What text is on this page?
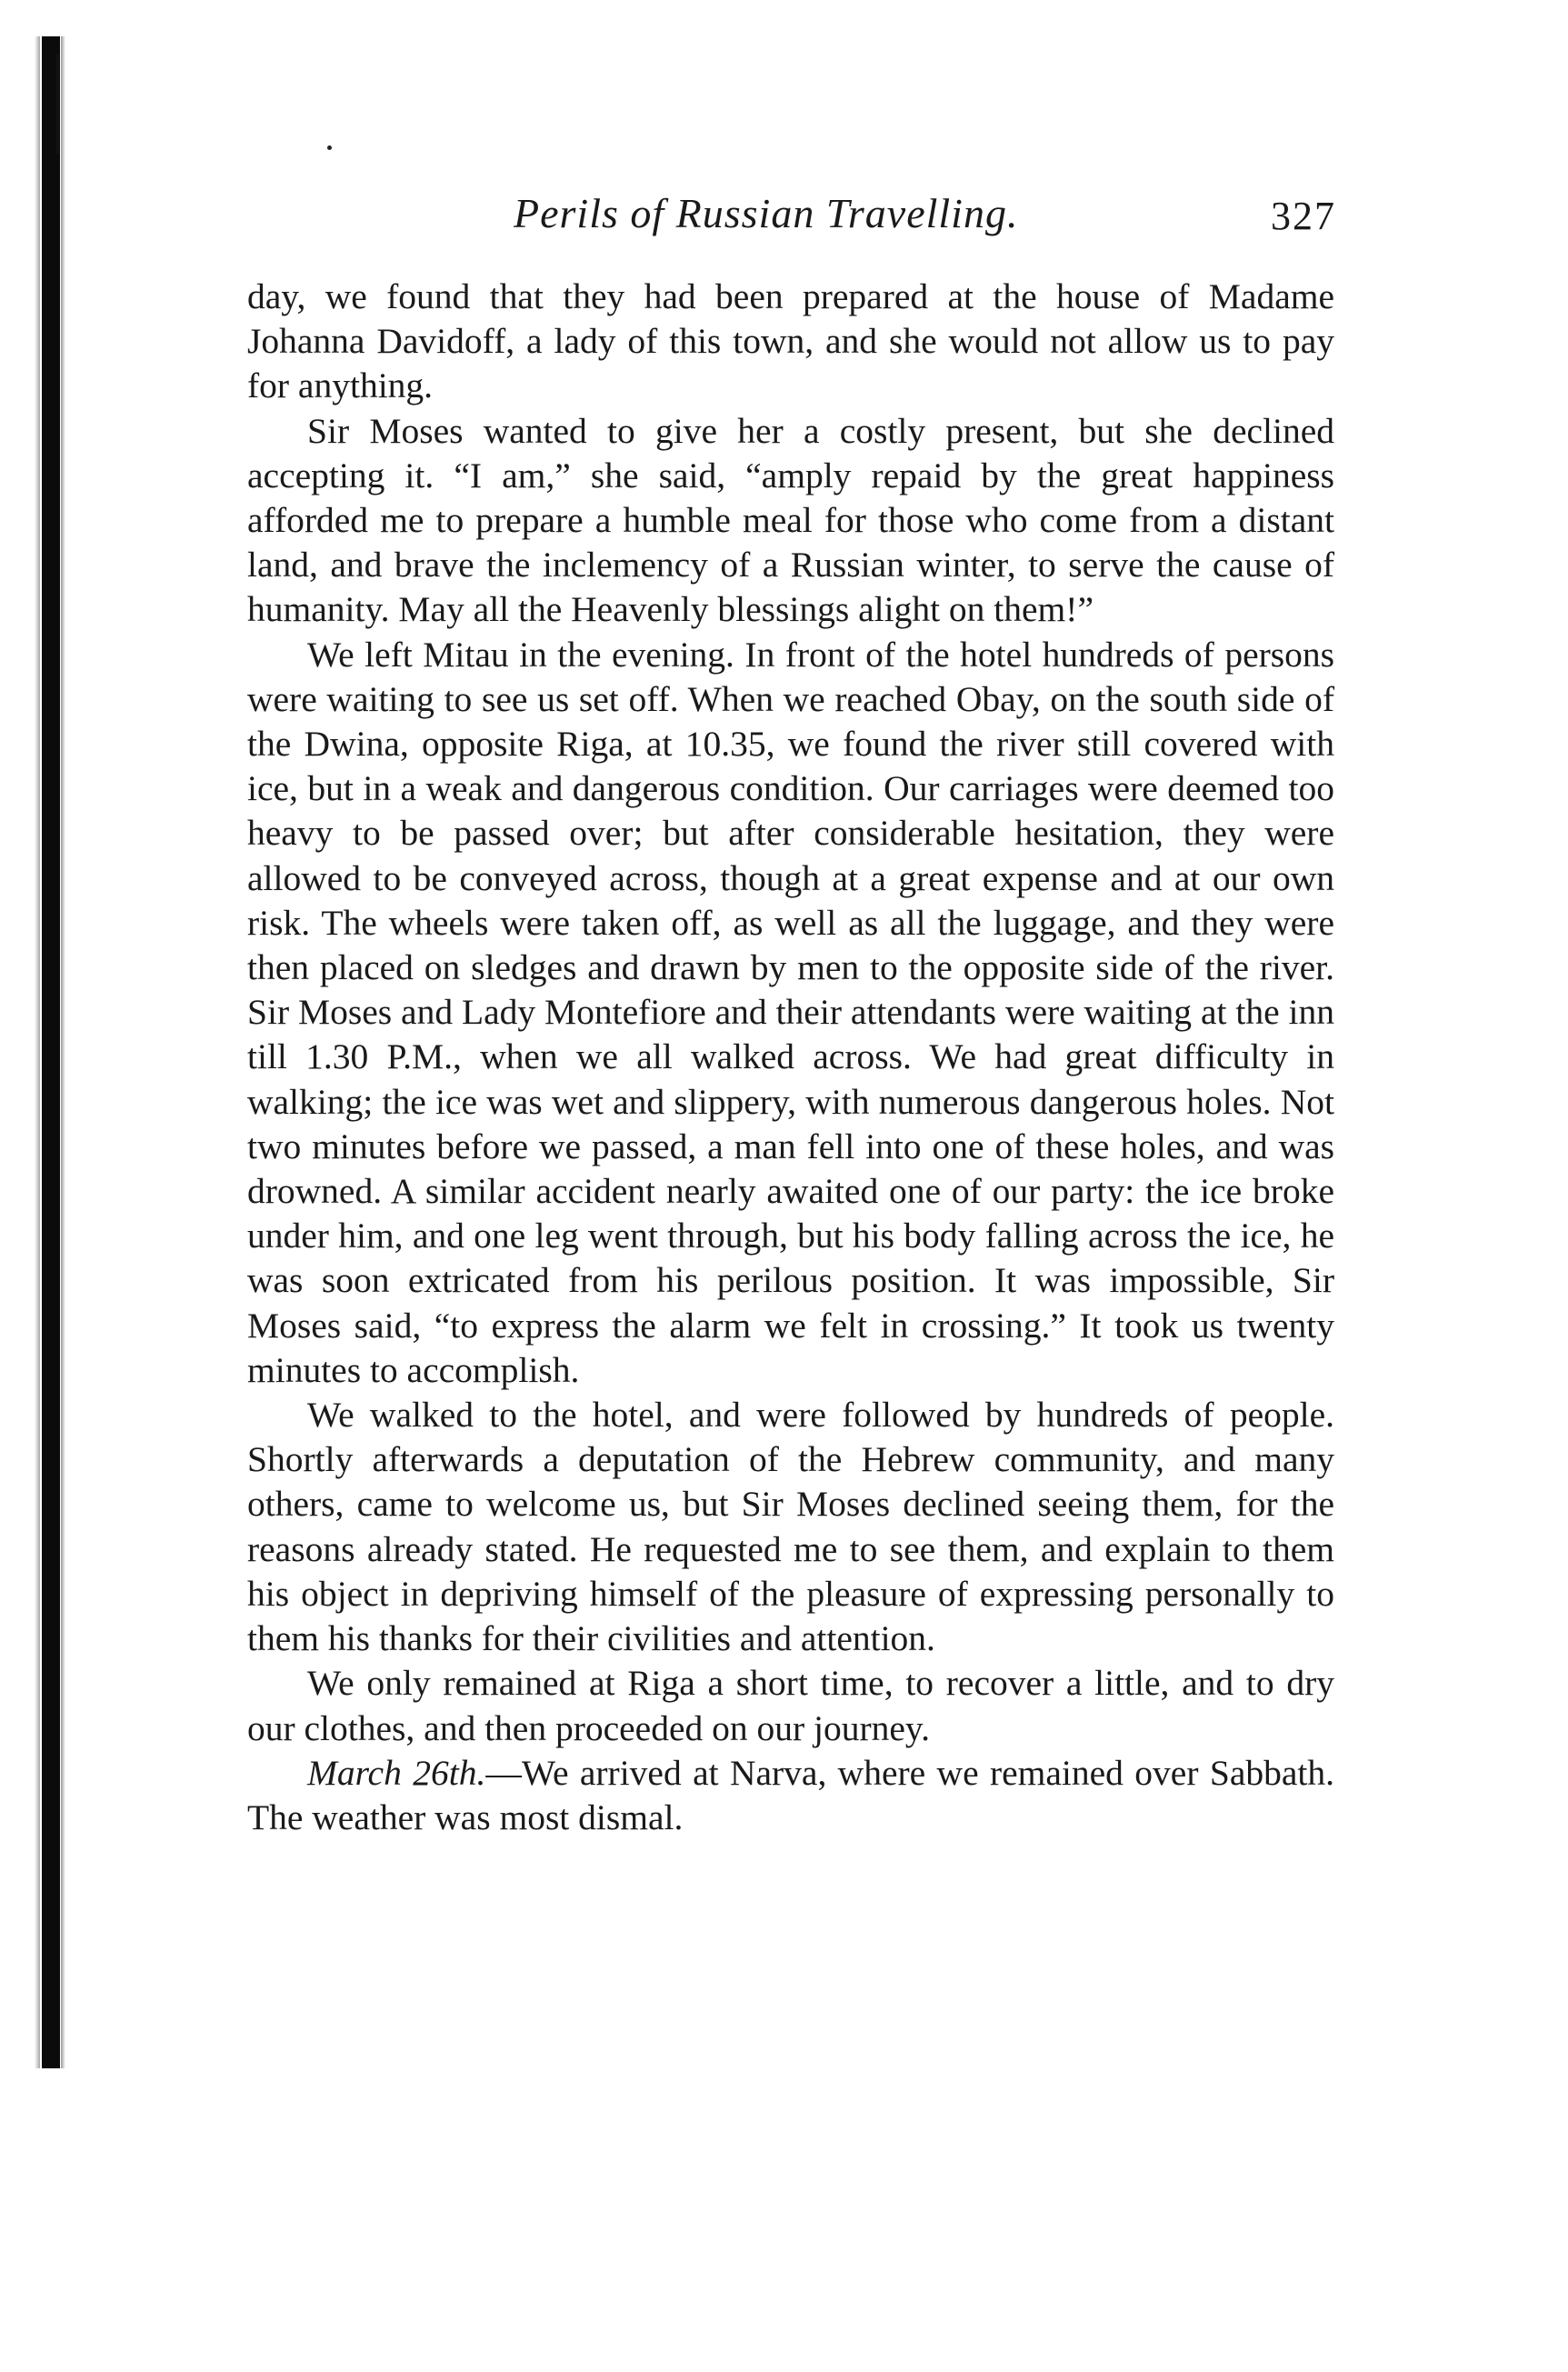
Perils of Russian Travelling.	327

day, we found that they had been prepared at the house of Madame Johanna Davidoff, a lady of this town, and she would not allow us to pay for anything.

Sir Moses wanted to give her a costly present, but she declined accepting it. “I am,” she said, “amply repaid by the great happiness afforded me to prepare a humble meal for those who come from a distant land, and brave the inclemency of a Russian winter, to serve the cause of humanity. May all the Heavenly blessings alight on them!”

We left Mitau in the evening. In front of the hotel hundreds of persons were waiting to see us set off. When we reached Obay, on the south side of the Dwina, opposite Riga, at 10.35, we found the river still covered with ice, but in a weak and dangerous condition. Our carriages were deemed too heavy to be passed over; but after considerable hesitation, they were allowed to be conveyed across, though at a great expense and at our own risk. The wheels were taken off, as well as all the luggage, and they were then placed on sledges and drawn by men to the opposite side of the river. Sir Moses and Lady Montefiore and their attendants were waiting at the inn till 1.30 P.M., when we all walked across. We had great difficulty in walking; the ice was wet and slippery, with numerous dangerous holes. Not two minutes before we passed, a man fell into one of these holes, and was drowned. A similar accident nearly awaited one of our party: the ice broke under him, and one leg went through, but his body falling across the ice, he was soon extricated from his perilous position. It was impossible, Sir Moses said, “to express the alarm we felt in crossing.” It took us twenty minutes to accomplish.

We walked to the hotel, and were followed by hundreds of people. Shortly afterwards a deputation of the Hebrew community, and many others, came to welcome us, but Sir Moses declined seeing them, for the reasons already stated. He requested me to see them, and explain to them his object in depriving himself of the pleasure of expressing personally to them his thanks for their civilities and attention.

We only remained at Riga a short time, to recover a little, and to dry our clothes, and then proceeded on our journey.

March 26th.—We arrived at Narva, where we remained over Sabbath. The weather was most dismal.
